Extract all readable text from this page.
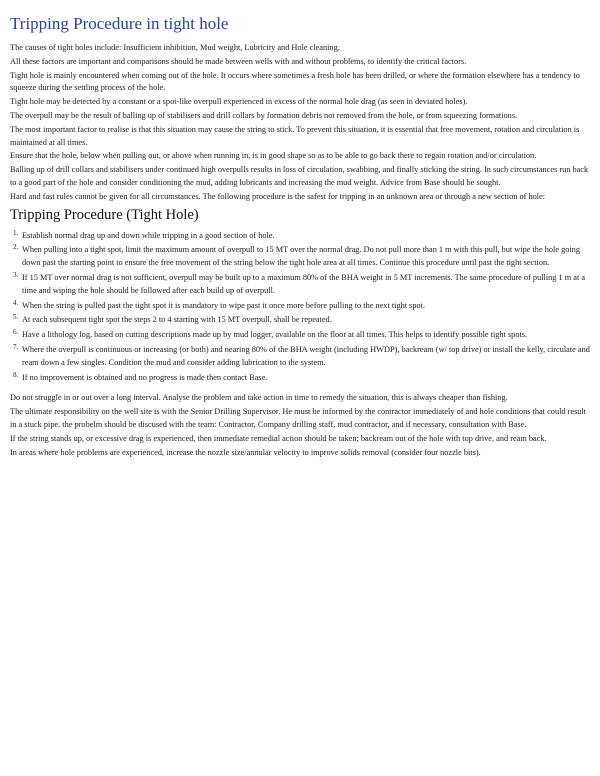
Tripping Procedure in tight hole

The causes of tight holes include: Insufficient inhibition, Mud weight, Lubricity and Hole cleaning.

All these factors are important and comparisons should be made between wells with and without problems, to identify the critical factors.

Tight hole is mainly encountered when coming out of the hole. It occurs where sometimes a fresh hole has been drilled, or where the formation elsewhere has a tendency to squeeze during the settling process of the hole.

Tight hole may be detected by a constant or a spot-like overpull experienced in excess of the normal hole drag (as seen in deviated holes).

The overpull may be the result of balling up of stabilisers and drill collars by formation debris not removed from the hole, or from squeezing formations.

The most important factor to realise is that this situation may cause the string to stick. To prevent this situation, it is essential that free movement, rotation and circulation is maintained at all times.

Ensure that the hole, below when pulling out, or above when running in, is in good shape so as to be able to go back there to regain rotation and/or circulation.

Balling up of drill collars and stabilisers under continued high overpulls results in loss of circulation, swabbing, and finally sticking the string. In such circumstances run back to a good part of the hole and consider conditioning the mud, adding lubricants and increasing the mud weight. Advice from Base should be sought.

Hard and fast rules cannot be given for all circumstances. The following procedure is the safest for tripping in an unknown area or through a new section of hole:

Tripping Procedure (Tight Hole)
1. Establish normal drag up and down while tripping in a good section of hole.
2. When pulling into a tight spot, limit the maximum amount of overpull to 15 MT over the normal drag. Do not pull more than 1 m with this pull, but wipe the hole going down past the starting point to ensure the free movement of the string below the tight hole area at all times. Continue this procedure until past the tight section.
3. If 15 MT over normal drag is not sufficient, overpull may be built up to a maximum 80% of the BHA weight in 5 MT increments. The same procedure of pulling 1 m at a time and wiping the hole should be followed after each build up of overpull.
4. When the string is pulled past the tight spot it is mandatory to wipe past it once more before pulling to the next tight spot.
5. At each subsequent tight spot the steps 2 to 4 starting with 15 MT overpull, shall be repeated.
6. Have a lithology log, based on cutting descriptions made up by mud logger, available on the floor at all times. This helps to identify possible tight spots.
7. Where the overpull is continuous or increasing (or both) and nearing 80% of the BHA weight (including HWDP), backream (w/ top drive) or install the kelly, circulate and ream down a few singles. Condition the mud and consider adding lubrication to the system.
8. If no improvement is obtained and no progress is made then contact Base.

Do not struggle in or out over a long interval. Analyse the problem and take action in time to remedy the situation, this is always cheaper than fishing.

The ultimate responsibility on the well site is with the Senior Drilling Supervisor. He must be informed by the contractor immediately of and hole conditions that could result in a stuck pipe. the probelm should be discused with the team: Contractor, Company drilling staff, mud contractor, and if necessary, consultation with Base.

If the string stands up, or excessive drag is experienced, then immediate remedial action should be taken; backream out of the hole with top drive, and ream back.

In areas where hole problems are experienced, increase the nozzle size/annular velocity to improve solids removal (consider four nozzle bits).
